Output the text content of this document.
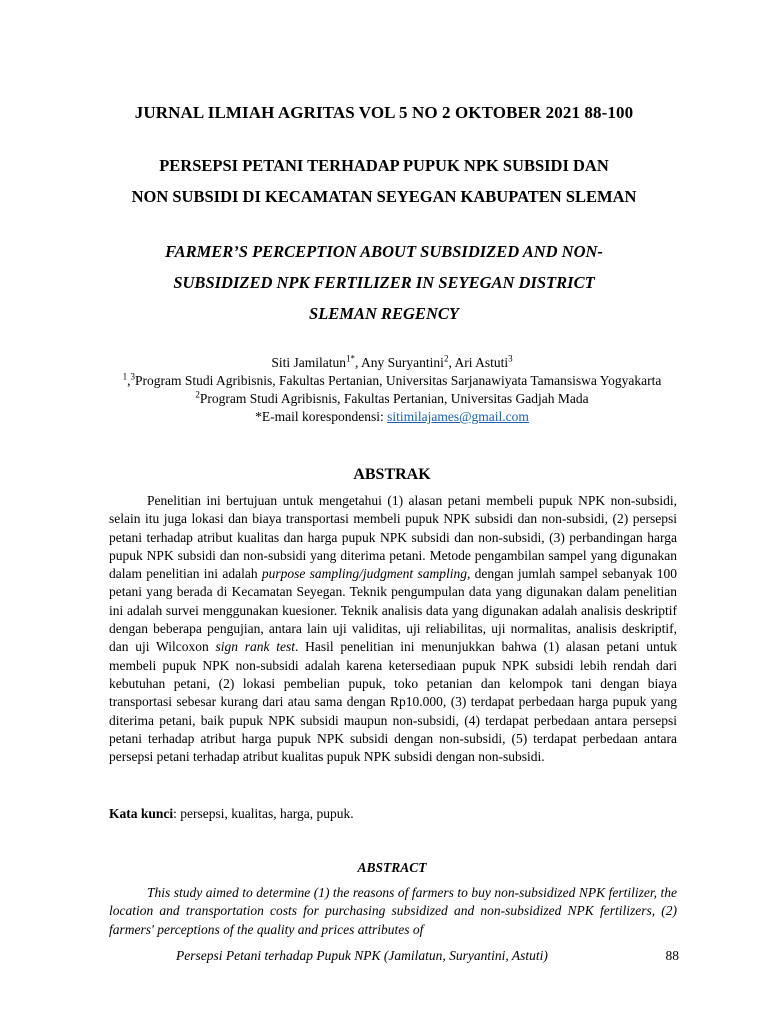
JURNAL ILMIAH AGRITAS VOL 5 NO 2 OKTOBER 2021 88-100
PERSEPSI PETANI TERHADAP PUPUK NPK SUBSIDI DAN
NON SUBSIDI DI KECAMATAN SEYEGAN KABUPATEN SLEMAN
FARMER’S PERCEPTION ABOUT SUBSIDIZED AND NON-
SUBSIDIZED NPK FERTILIZER IN SEYEGAN DISTRICT
SLEMAN REGENCY
Siti Jamilatun$^{1*}$, Any Suryantini$^2$, Ari Astuti$^3$
$^1$,$^3$Program Studi Agribisnis, Fakultas Pertanian, Universitas Sarjanawiyata Tamansiswa Yogyakarta
$^2$Program Studi Agribisnis, Fakultas Pertanian, Universitas Gadjah Mada
*E-mail korespondensi: sitimilajames@gmail.com
ABSTRAK

Penelitian ini bertujuan untuk mengetahui (1) alasan petani membeli pupuk NPK non-subsidi, selain itu juga lokasi dan biaya transportasi membeli pupuk NPK subsidi dan non-subsidi, (2) persepsi petani terhadap atribut kualitas dan harga pupuk NPK subsidi dan non-subsidi, (3) perbandingan harga pupuk NPK subsidi dan non-subsidi yang diterima petani. Metode pengambilan sampel yang digunakan dalam penelitian ini adalah purpose sampling/judgment sampling, dengan jumlah sampel sebanyak 100 petani yang berada di Kecamatan Seyegan. Teknik pengumpulan data yang digunakan dalam penelitian ini adalah survei menggunakan kuesioner. Teknik analisis data yang digunakan adalah analisis deskriptif dengan beberapa pengujian, antara lain uji validitas, uji reliabilitas, uji normalitas, analisis deskriptif, dan uji Wilcoxon sign rank test. Hasil penelitian ini menunjukkan bahwa (1) alasan petani untuk membeli pupuk NPK non-subsidi adalah karena ketersediaan pupuk NPK subsidi lebih rendah dari kebutuhan petani, (2) lokasi pembelian pupuk, toko petanian dan kelompok tani dengan biaya transportasi sebesar kurang dari atau sama dengan Rp10.000, (3) terdapat perbedaan harga pupuk yang diterima petani, baik pupuk NPK subsidi maupun non-subsidi, (4) terdapat perbedaan antara persepsi petani terhadap atribut harga pupuk NPK subsidi dengan non-subsidi, (5) terdapat perbedaan antara persepsi petani terhadap atribut kualitas pupuk NPK subsidi dengan non-subsidi.

Kata kunci: persepsi, kualitas, harga, pupuk.
ABSTRACT

This study aimed to determine (1) the reasons of farmers to buy non-subsidized NPK fertilizer, the location and transportation costs for purchasing subsidized and non-subsidized NPK fertilizers, (2) farmers' perceptions of the quality and prices attributes of

Persepsi Petani terhadap Pupuk NPK (Jamilatun, Suryantini, Astuti)	88
